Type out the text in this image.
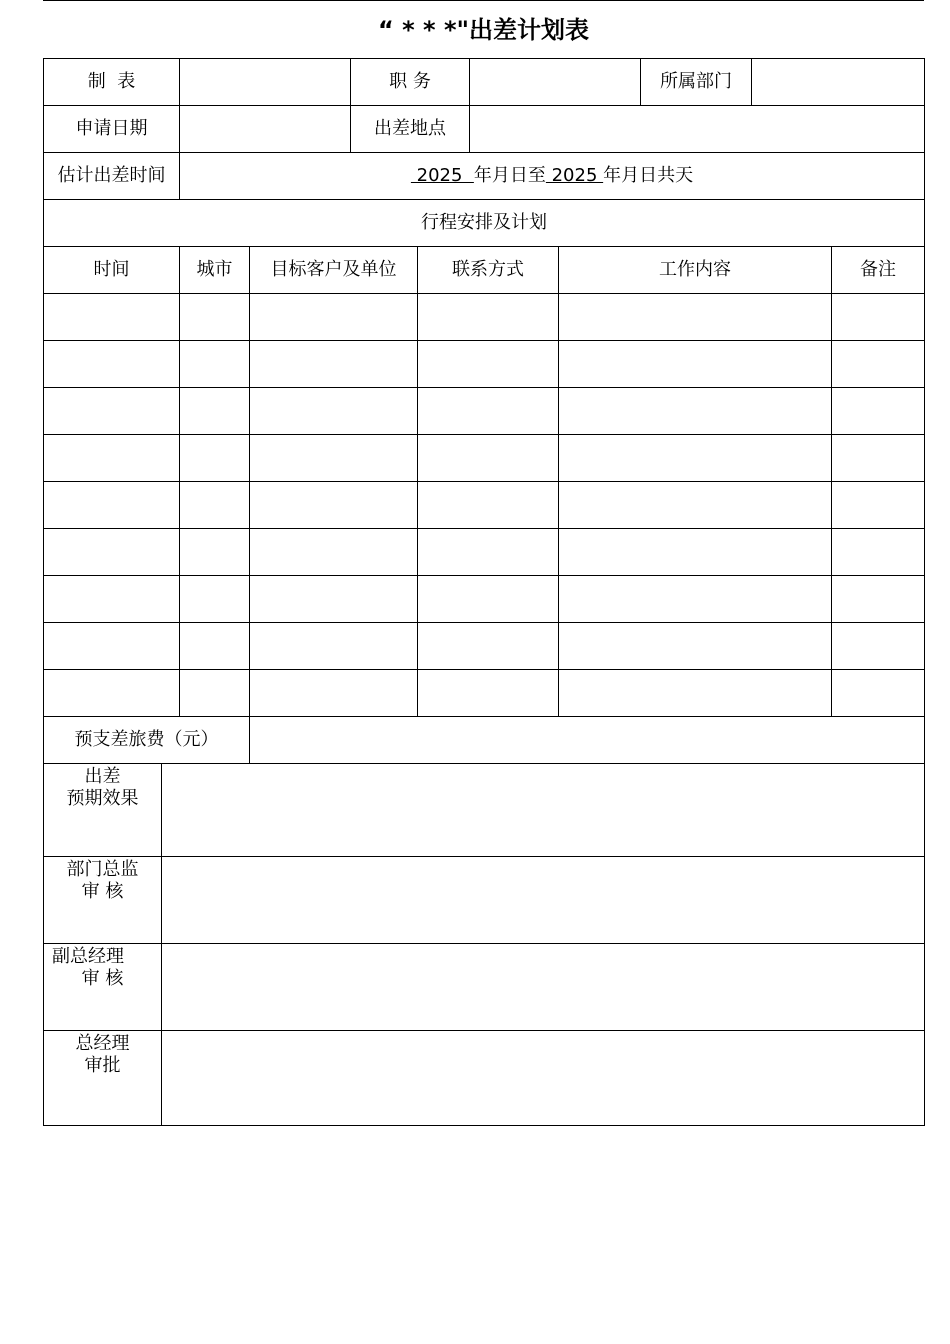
“ * * *"出差计划表
制  表				职 务				所属部门		
申请日期				出差地点						
估计出差时间		2025  年月日至 2025 年月日共天								
行程安排及计划										
时间		城市	目标客户及单位		联系方式		工作内容			备注

预支差旅费（元）										

出差
预期效果										

部门总监
审 核										

副总经理
审 核										

总经理
审批										
